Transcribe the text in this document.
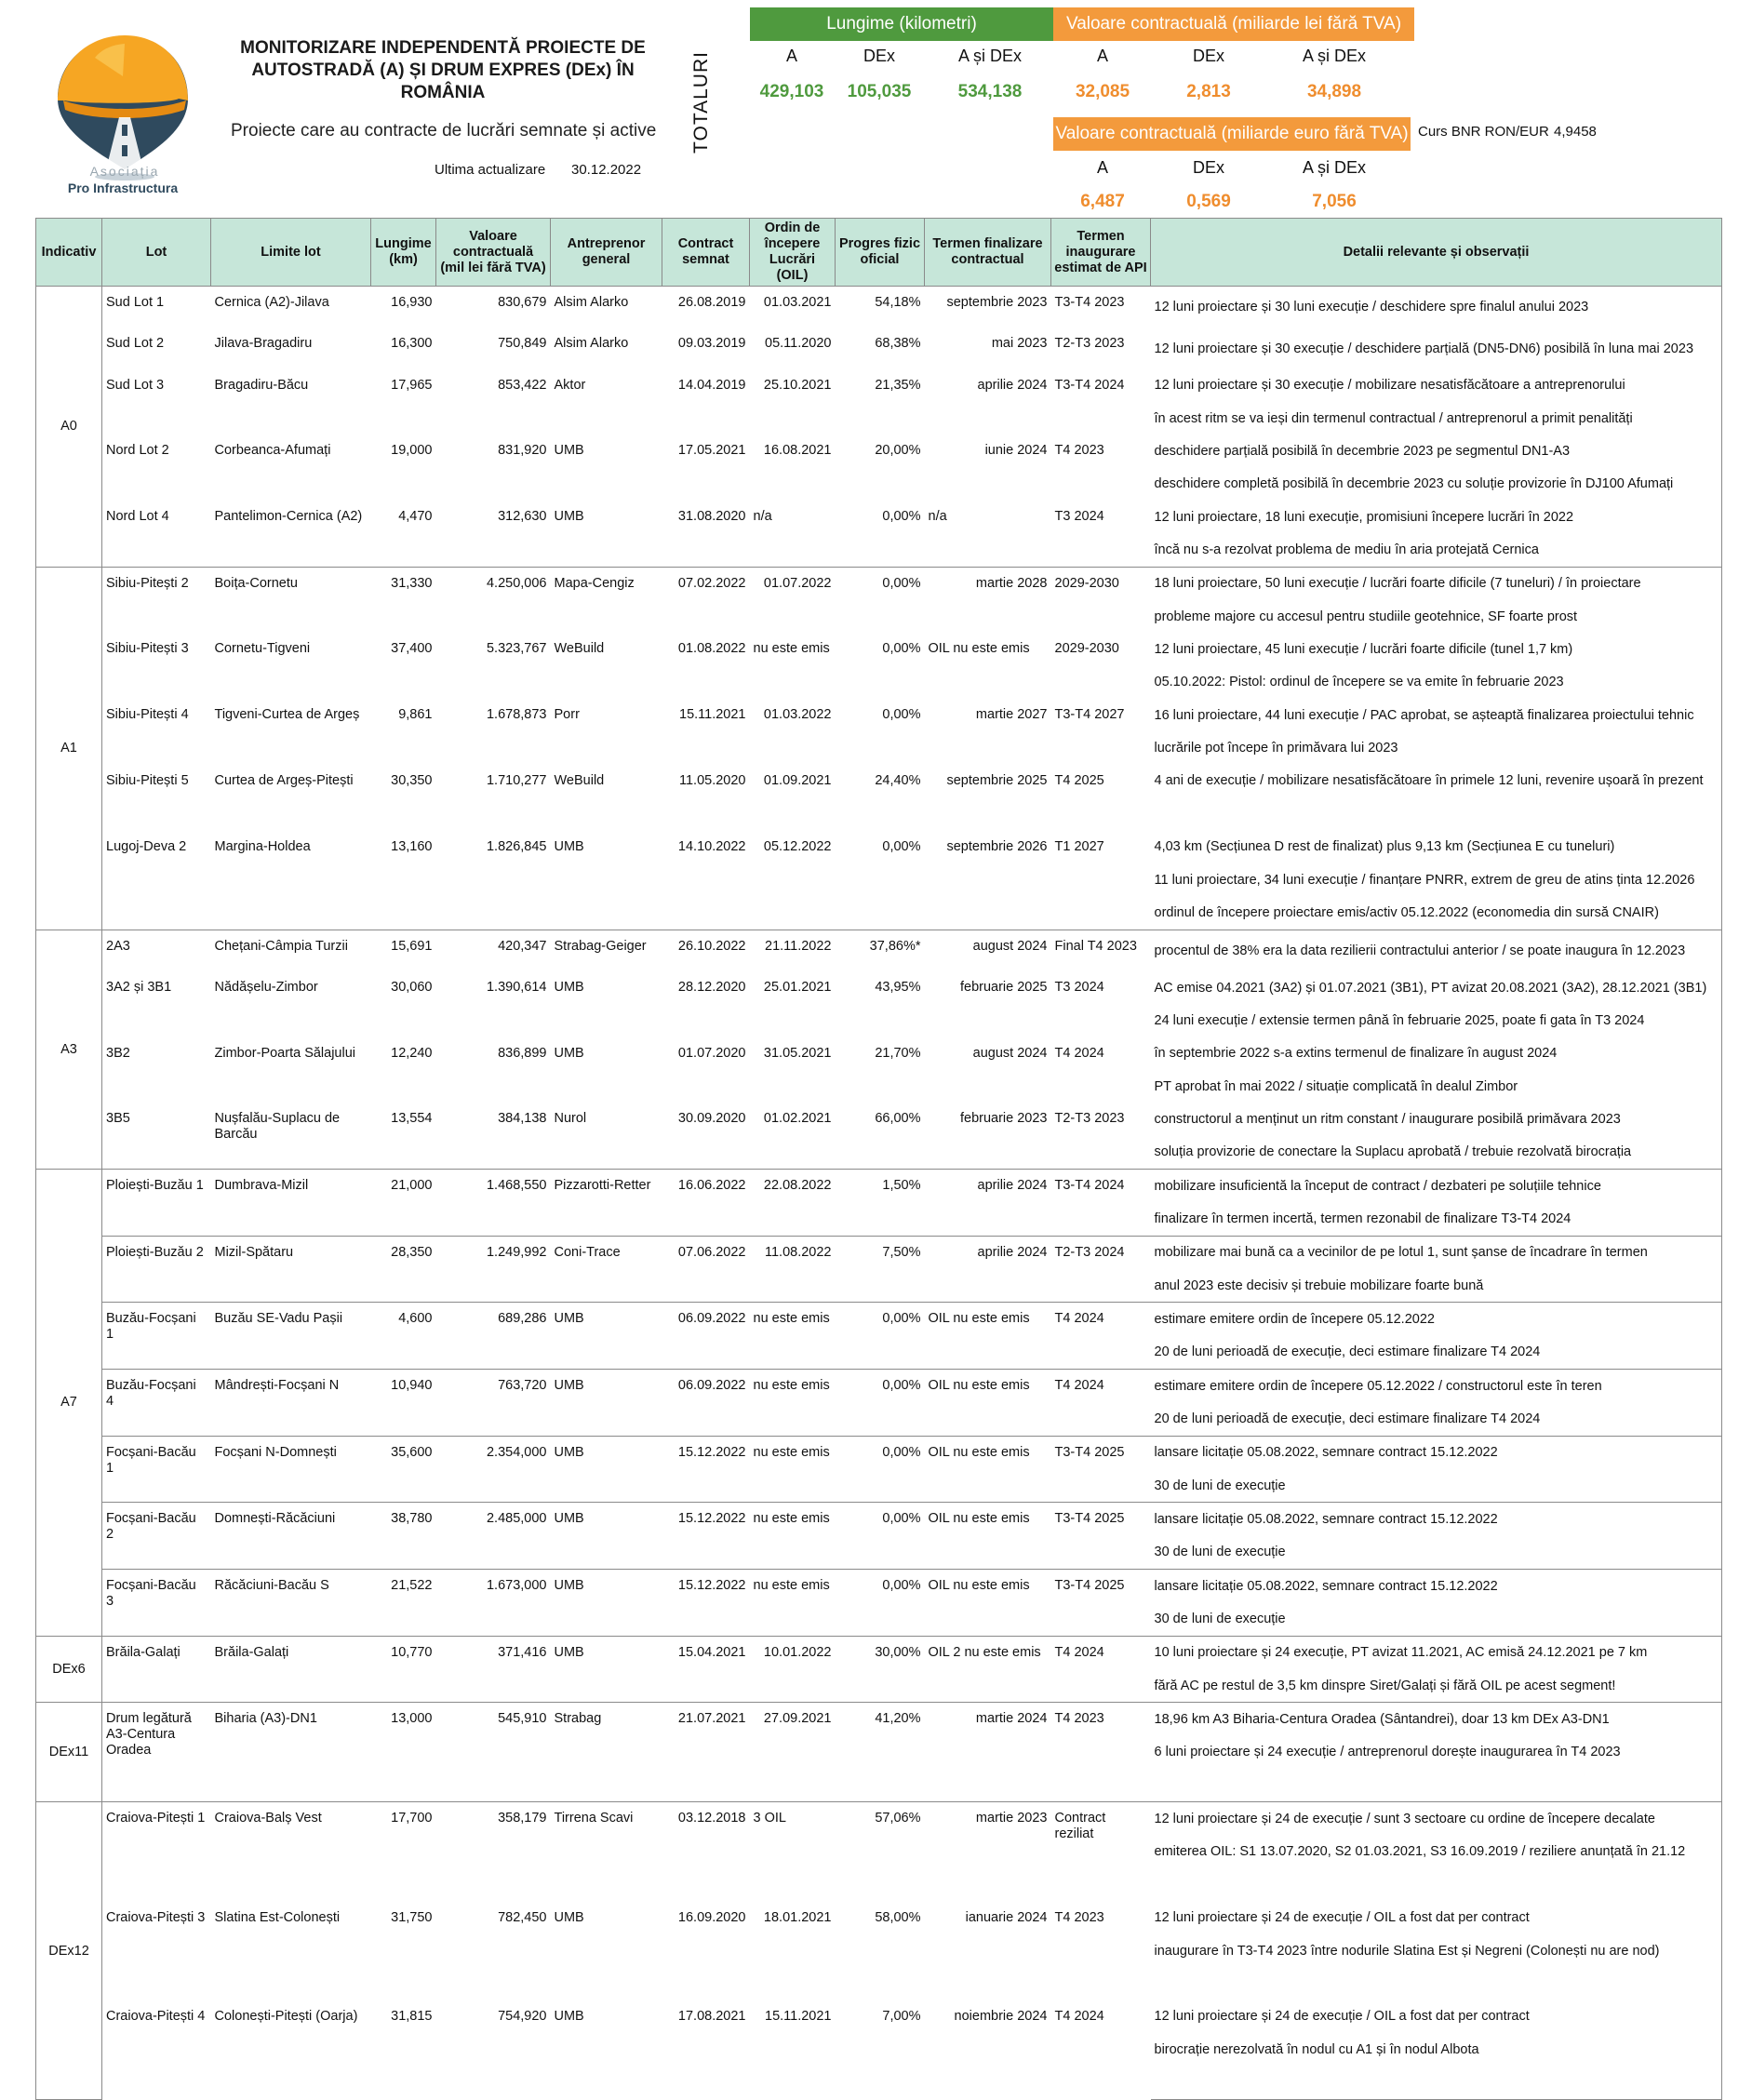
Asociația
Pro Infrastructura
MONITORIZARE INDEPENDENTĂ PROIECTE DE
AUTOSTRADĂ (A) ȘI DRUM EXPRES (DEx) ÎN ROMÂNIA
Proiecte care au contracte de lucrări semnate și active
Ultima actualizare 30.12.2022
TOTALURI
Lungime (kilometri)
A	DEx	A și DEx
429,103	105,035	534,138
Valoare contractuală (miliarde lei fără TVA)
A	DEx	A și DEx
32,085	2,813	34,898
Valoare contractuală (miliarde euro fără TVA)
A	DEx	A și DEx
6,487	0,569	7,056
Curs BNR RON/EUR 4,9458
Indicativ	Lot	Limite lot	Lungime (km)	Valoare contractuală (mil lei fără TVA)	Antreprenor general	Contract semnat	Ordin de începere Lucrări (OIL)	Progres fizic oficial	Termen finalizare contractual	Termen inaugurare estimat de API	Detalii relevante și observații
A0	Sud Lot 1	Cernica (A2)-Jilava	16,930	830,679	Alsim Alarko	26.08.2019	01.03.2021	54,18%	septembrie 2023	T3-T4 2023	12 luni proiectare și 30 luni execuție / deschidere spre finalul anului 2023
	Sud Lot 2	Jilava-Bragadiru	16,300	750,849	Alsim Alarko	09.03.2019	05.11.2020	68,38%	mai 2023	T2-T3 2023	12 luni proiectare și 30 execuție / deschidere parțială (DN5-DN6) posibilă în luna mai 2023
	Sud Lot 3	Bragadiru-Băcu	17,965	853,422	Aktor	14.04.2019	25.10.2021	21,35%	aprilie 2024	T3-T4 2024	12 luni proiectare și 30 execuție / mobilizare nesatisfăcătoare a antreprenorului
											în acest ritm se va ieși din termenul contractual / antreprenorul a primit penalități
	Nord Lot 2	Corbeanca-Afumați	19,000	831,920	UMB	17.05.2021	16.08.2021	20,00%	iunie 2024	T4 2023	deschidere parțială posibilă în decembrie 2023 pe segmentul DN1-A3
											deschidere completă posibilă în decembrie 2023 cu soluție provizorie în DJ100 Afumați
	Nord Lot 4	Pantelimon-Cernica (A2)	4,470	312,630	UMB	31.08.2020	n/a	0,00%	n/a	T3 2024	12 luni proiectare, 18 luni execuție, promisiuni începere lucrări în 2022
											încă nu s-a rezolvat problema de mediu în aria protejată Cernica
A1	Sibiu-Pitești 2	Boița-Cornetu	31,330	4.250,006	Mapa-Cengiz	07.02.2022	01.07.2022	0,00%	martie 2028	2029-2030	18 luni proiectare, 50 luni execuție / lucrări foarte dificile (7 tuneluri) / în proiectare
											probleme majore cu accesul pentru studiile geotehnice, SF foarte prost
	Sibiu-Pitești 3	Cornetu-Tigveni	37,400	5.323,767	WeBuild	01.08.2022	nu este emis	0,00%	OIL nu este emis	2029-2030	12 luni proiectare, 45 luni execuție / lucrări foarte dificile (tunel 1,7 km)
											05.10.2022: Pistol: ordinul de începere se va emite în februarie 2023
	Sibiu-Pitești 4	Tigveni-Curtea de Argeș	9,861	1.678,873	Porr	15.11.2021	01.03.2022	0,00%	martie 2027	T3-T4 2027	16 luni proiectare, 44 luni execuție / PAC aprobat, se așteaptă finalizarea proiectului tehnic
											lucrările pot începe în primăvara lui 2023
	Sibiu-Pitești 5	Curtea de Argeș-Pitești	30,350	1.710,277	WeBuild	11.05.2020	01.09.2021	24,40%	septembrie 2025	T4 2025	4 ani de execuție / mobilizare nesatisfăcătoare în primele 12 luni, revenire ușoară în prezent

	Lugoj-Deva 2	Margina-Holdea	13,160	1.826,845	UMB	14.10.2022	05.12.2022	0,00%	septembrie 2026	T1 2027	4,03 km (Secțiunea D rest de finalizat) plus 9,13 km (Secțiunea E cu tuneluri)
											11 luni proiectare, 34 luni execuție / finanțare PNRR, extrem de greu de atins ținta 12.2026
											ordinul de începere proiectare emis/activ 05.12.2022 (economedia din sursă CNAIR)
A3	2A3	Chețani-Câmpia Turzii	15,691	420,347	Strabag-Geiger	26.10.2022	21.11.2022	37,86%*	august 2024	Final T4 2023	procentul de 38% era la data rezilierii contractului anterior / se poate inaugura în 12.2023
	3A2 și 3B1	Nădășelu-Zimbor	30,060	1.390,614	UMB	28.12.2020	25.01.2021	43,95%	februarie 2025	T3 2024	AC emise 04.2021 (3A2) și 01.07.2021 (3B1), PT avizat 20.08.2021 (3A2), 28.12.2021 (3B1)
											24 luni execuție / extensie termen până în februarie 2025, poate fi gata în T3 2024
	3B2	Zimbor-Poarta Sălajului	12,240	836,899	UMB	01.07.2020	31.05.2021	21,70%	august 2024	T4 2024	în septembrie 2022 s-a extins termenul de finalizare în august 2024
											PT aprobat în mai 2022 / situație complicată în dealul Zimbor
	3B5	Nușfalău-Suplacu de Barcău	13,554	384,138	Nurol	30.09.2020	01.02.2021	66,00%	februarie 2023	T2-T3 2023	constructorul a menținut un ritm constant / inaugurare posibilă primăvara 2023
											soluția provizorie de conectare la Suplacu aprobată / trebuie rezolvată birocrația
A7	Ploiești-Buzău 1	Dumbrava-Mizil	21,000	1.468,550	Pizzarotti-Retter	16.06.2022	22.08.2022	1,50%	aprilie 2024	T3-T4 2024	mobilizare insuficientă la început de contract / dezbateri pe soluțiile tehnice
											finalizare în termen incertă, termen rezonabil de finalizare T3-T4 2024
	Ploiești-Buzău 2	Mizil-Spătaru	28,350	1.249,992	Coni-Trace	07.06.2022	11.08.2022	7,50%	aprilie 2024	T2-T3 2024	mobilizare mai bună ca a vecinilor de pe lotul 1, sunt șanse de încadrare în termen
											anul 2023 este decisiv și trebuie mobilizare foarte bună
	Buzău-Focșani 1	Buzău SE-Vadu Pașii	4,600	689,286	UMB	06.09.2022	nu este emis	0,00%	OIL nu este emis	T4 2024	estimare emitere ordin de începere 05.12.2022
											20 de luni perioadă de execuție, deci estimare finalizare T4 2024
	Buzău-Focșani 4	Mândrești-Focșani N	10,940	763,720	UMB	06.09.2022	nu este emis	0,00%	OIL nu este emis	T4 2024	estimare emitere ordin de începere 05.12.2022 / constructorul este în teren
											20 de luni perioadă de execuție, deci estimare finalizare T4 2024
	Focșani-Bacău 1	Focșani N-Domnești	35,600	2.354,000	UMB	15.12.2022	nu este emis	0,00%	OIL nu este emis	T3-T4 2025	lansare licitație 05.08.2022, semnare contract 15.12.2022
											30 de luni de execuție
	Focșani-Bacău 2	Domnești-Răcăciuni	38,780	2.485,000	UMB	15.12.2022	nu este emis	0,00%	OIL nu este emis	T3-T4 2025	lansare licitație 05.08.2022, semnare contract 15.12.2022
											30 de luni de execuție
	Focșani-Bacău 3	Răcăciuni-Bacău S	21,522	1.673,000	UMB	15.12.2022	nu este emis	0,00%	OIL nu este emis	T3-T4 2025	lansare licitație 05.08.2022, semnare contract 15.12.2022
											30 de luni de execuție
DEx6	Brăila-Galați	Brăila-Galați	10,770	371,416	UMB	15.04.2021	10.01.2022	30,00%	OIL 2 nu este emis	T4 2024	10 luni proiectare și 24 execuție, PT avizat 11.2021, AC emisă 24.12.2021 pe 7 km
											fără AC pe restul de 3,5 km dinspre Siret/Galați și fără OIL pe acest segment!
DEx11	Drum legătură A3-Centura Oradea	Biharia (A3)-DN1	13,000	545,910	Strabag	21.07.2021	27.09.2021	41,20%	martie 2024	T4 2023	18,96 km A3 Biharia-Centura Oradea (Sântandrei), doar 13 km DEx A3-DN1
											6 luni proiectare și 24 execuție / antreprenorul dorește inaugurarea în T4 2023

DEx12	Craiova-Pitești 1	Craiova-Balș Vest	17,700	358,179	Tirrena Scavi	03.12.2018	3 OIL	57,06%	martie 2023	Contract reziliat	12 luni proiectare și 24 de execuție / sunt 3 sectoare cu ordine de începere decalate
											emiterea OIL: S1 13.07.2020, S2 01.03.2021, S3 16.09.2019 / reziliere anunțată în 21.12

	Craiova-Pitești 3	Slatina Est-Colonești	31,750	782,450	UMB	16.09.2020	18.01.2021	58,00%	ianuarie 2024	T4 2023	12 luni proiectare și 24 de execuție / OIL a fost dat per contract
											inaugurare în T3-T4 2023 între nodurile Slatina Est și Negreni (Colonești nu are nod)

	Craiova-Pitești 4	Colonești-Pitești (Oarja)	31,815	754,920	UMB	17.08.2021	15.11.2021	7,00%	noiembrie 2024	T4 2024	12 luni proiectare și 24 de execuție / OIL a fost dat per contract
											birocrație nerezolvată în nodul cu A1 și în nodul Albota
